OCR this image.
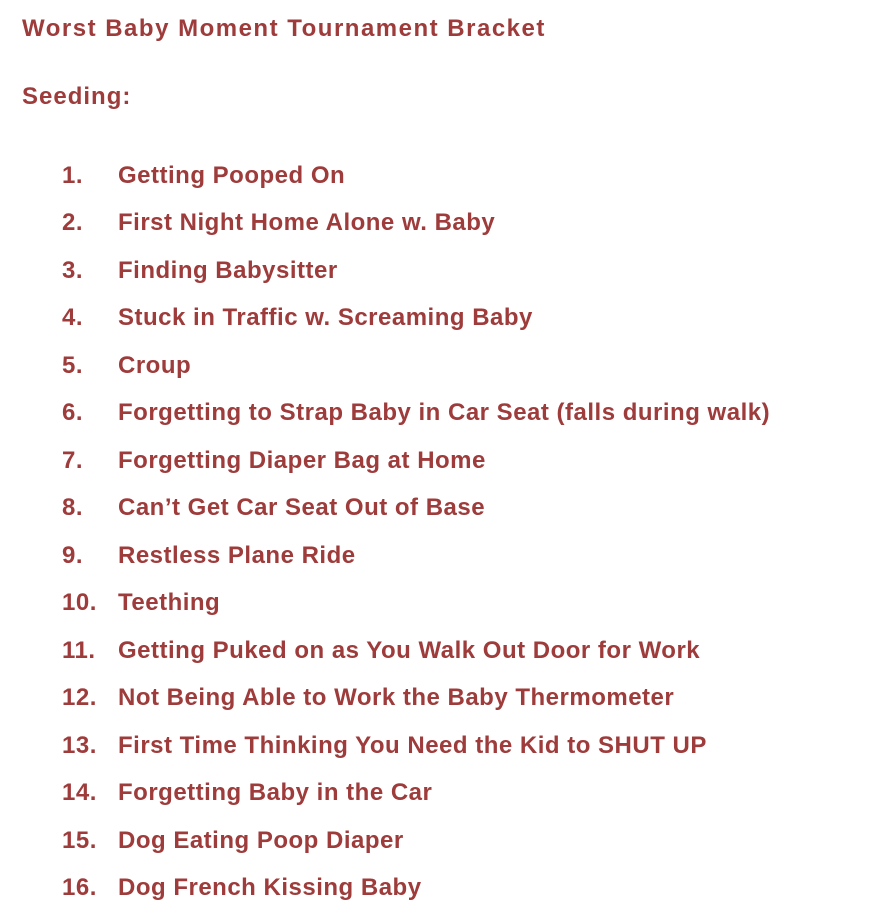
Worst Baby Moment Tournament Bracket

Seeding:

1.	Getting Pooped On
2.	First Night Home Alone w. Baby
3.	Finding Babysitter
4.	Stuck in Traffic w. Screaming Baby
5.	Croup
6.	Forgetting to Strap Baby in Car Seat (falls during walk)
7.	Forgetting Diaper Bag at Home
8.	Can’t Get Car Seat Out of Base
9.	Restless Plane Ride
10. Teething
11. Getting Puked on as You Walk Out Door for Work
12. Not Being Able to Work the Baby Thermometer
13. First Time Thinking You Need the Kid to SHUT UP
14. Forgetting Baby in the Car
15. Dog Eating Poop Diaper
16. Dog French Kissing Baby
